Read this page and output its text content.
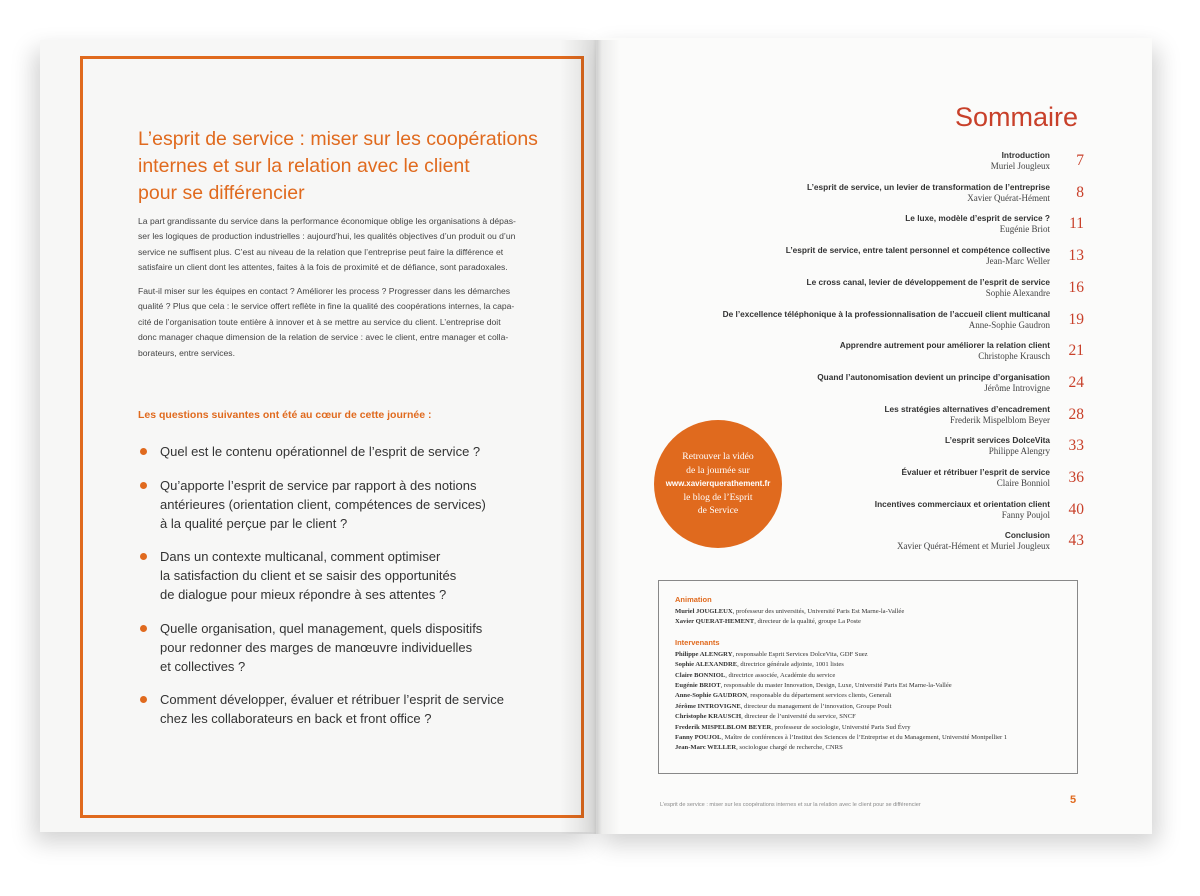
L’esprit de service : miser sur les coopérations
internes et sur la relation avec le client
pour se différencier
La part grandissante du service dans la performance économique oblige les organisations à dépas-
ser les logiques de production industrielles : aujourd’hui, les qualités objectives d’un produit ou d’un
service ne suffisent plus. C’est au niveau de la relation que l’entreprise peut faire la différence et
satisfaire un client dont les attentes, faites à la fois de proximité et de défiance, sont paradoxales.
Faut-il miser sur les équipes en contact ? Améliorer les process ? Progresser dans les démarches
qualité ? Plus que cela : le service offert reflète in fine la qualité des coopérations internes, la capa-
cité de l’organisation toute entière à innover et à se mettre au service du client. L’entreprise doit
donc manager chaque dimension de la relation de service : avec le client, entre manager et colla-
borateurs, entre services.
Les questions suivantes ont été au cœur de cette journée :
Quel est le contenu opérationnel de l’esprit de service ?
Qu’apporte l’esprit de service par rapport à des notions
antérieures (orientation client, compétences de services)
à la qualité perçue par le client ?
Dans un contexte multicanal, comment optimiser
la satisfaction du client et se saisir des opportunités
de dialogue pour mieux répondre à ses attentes ?
Quelle organisation, quel management, quels dispositifs
pour redonner des marges de manœuvre individuelles
et collectives ?
Comment développer, évaluer et rétribuer l’esprit de service
chez les collaborateurs en back et front office ?
Sommaire
Introduction
Muriel Jougleux	7
L’esprit de service, un levier de transformation de l’entreprise
Xavier Quérat-Hément	8
Le luxe, modèle d’esprit de service ?
Eugénie Briot	11
L’esprit de service, entre talent personnel et compétence collective
Jean-Marc Weller	13
Le cross canal, levier de développement de l’esprit de service
Sophie Alexandre	16
De l’excellence téléphonique à la professionnalisation de l’accueil client multicanal
Anne-Sophie Gaudron	19
Apprendre autrement pour améliorer la relation client
Christophe Krausch	21
Quand l’autonomisation devient un principe d’organisation
Jérôme Introvigne	24
Les stratégies alternatives d’encadrement
Frederik Mispelblom Beyer	28
L’esprit services DolceVita
Philippe Alengry	33
Évaluer et rétribuer l’esprit de service
Claire Bonniol	36
Incentives commerciaux et orientation client
Fanny Poujol	40
Conclusion
Xavier Quérat-Hément et Muriel Jougleux	43
Retrouver la vidéo
de la journée sur
www.xavierquerathement.fr
le blog de l’Esprit
de Service
Animation
Muriel JOUGLEUX, professeur des universités, Université Paris Est Marne-la-Vallée
Xavier QUERAT-HEMENT, directeur de la qualité, groupe La Poste
Intervenants
Philippe ALENGRY, responsable Esprit Services DolceVita, GDF Suez
Sophie ALEXANDRE, directrice générale adjointe, 1001 listes
Claire BONNIOL, directrice associée, Académie du service
Eugénie BRIOT, responsable du master Innovation, Design, Luxe, Université Paris Est Marne-la-Vallée
Anne-Sophie GAUDRON, responsable du département services clients, Generali
Jérôme INTROVIGNE, directeur du management de l’innovation, Groupe Poult
Christophe KRAUSCH, directeur de l’université du service, SNCF
Frederik MISPELBLOM BEYER, professeur de sociologie, Université Paris Sud Évry
Fanny POUJOL, Maître de conférences à l’Institut des Sciences de l’Entreprise et du Management, Université Montpellier 1
Jean-Marc WELLER, sociologue chargé de recherche, CNRS
L’esprit de service : miser sur les coopérations internes et sur la relation avec le client pour se différencier	5
